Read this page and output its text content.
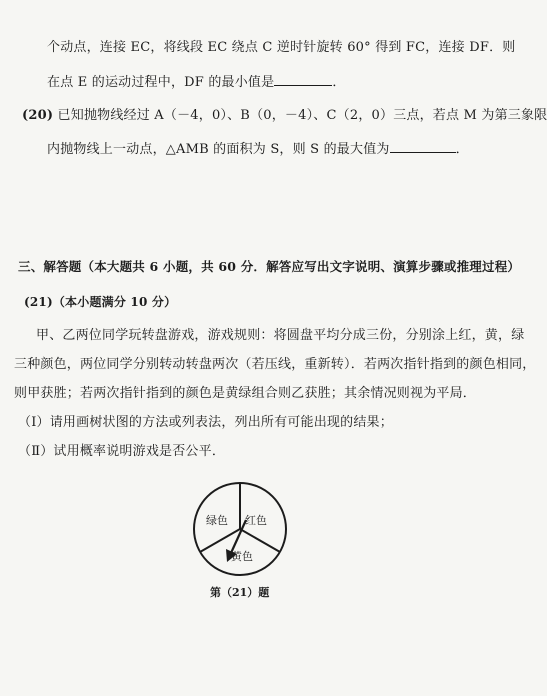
个动点，连接 EC，将线段 EC 绕点 C 逆时针旋转 60° 得到 FC，连接 DF．则
在点 E 的运动过程中，DF 的最小值是	．
(20) 已知抛物线经过 A（－4，0）、B（0，－4）、C（2，0）三点，若点 M 为第三象限
内抛物线上一动点，△AMB 的面积为 S，则 S 的最大值为	．
三、解答题（本大题共 6 小题，共 60 分．解答应写出文字说明、演算步骤或推理过程）
(21)（本小题满分 10 分）
甲、乙两位同学玩转盘游戏，游戏规则：将圆盘平均分成三份，分别涂上红，黄，绿
三种颜色，两位同学分别转动转盘两次（若压线，重新转）．若两次指针指到的颜色相同，
则甲获胜；若两次指针指到的颜色是黄绿组合则乙获胜；其余情况则视为平局．
（Ⅰ）请用画树状图的方法或列表法，列出所有可能出现的结果；
（Ⅱ）试用概率说明游戏是否公平．
绿色 红色
黄色
第（21）题
